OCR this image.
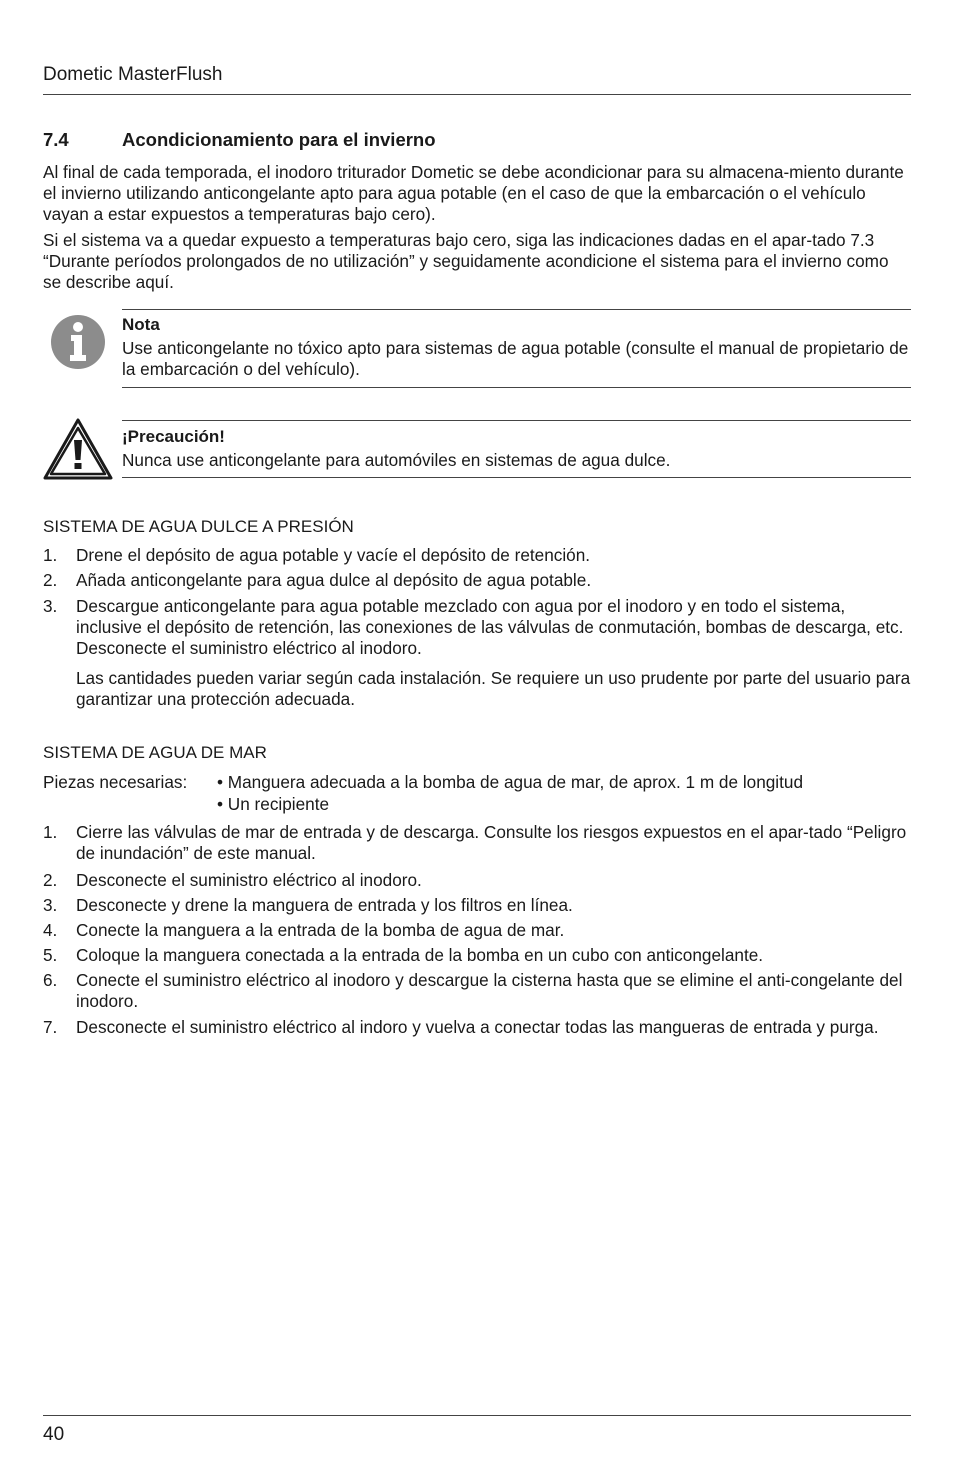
Dometic MasterFlush
7.4	Acondicionamiento para el invierno

Al final de cada temporada, el inodoro triturador Dometic se debe acondicionar para su almacena-miento durante el invierno utilizando anticongelante apto para agua potable (en el caso de que la embarcación o el vehículo vayan a estar expuestos a temperaturas bajo cero).

Si el sistema va a quedar expuesto a temperaturas bajo cero, siga las indicaciones dadas en el apar-tado 7.3 “Durante períodos prolongados de no utilización” y seguidamente acondicione el sistema para el invierno como se describe aquí.

Nota

Use anticongelante no tóxico apto para sistemas de agua potable (consulte el manual de propietario de la embarcación o del vehículo).

¡Precaución!

Nunca use anticongelante para automóviles en sistemas de agua dulce.

SISTEMA DE AGUA DULCE A PRESIÓN
1. Drene el depósito de agua potable y vacíe el depósito de retención.
2. Añada anticongelante para agua dulce al depósito de agua potable.
3. Descargue anticongelante para agua potable mezclado con agua por el inodoro y en todo el sistema, inclusive el depósito de retención, las conexiones de las válvulas de conmutación, bombas de descarga, etc. Desconecte el suministro eléctrico al inodoro.

Las cantidades pueden variar según cada instalación. Se requiere un uso prudente por parte del usuario para garantizar una protección adecuada.

SISTEMA DE AGUA DE MAR
Piezas necesarias: • Manguera adecuada a la bomba de agua de mar, de aprox. 1 m de longitud
• Un recipiente
1. Cierre las válvulas de mar de entrada y de descarga. Consulte los riesgos expuestos en el apar-tado “Peligro de inundación” de este manual.
2. Desconecte el suministro eléctrico al inodoro.
3. Desconecte y drene la manguera de entrada y los filtros en línea.
4. Conecte la manguera a la entrada de la bomba de agua de mar.
5. Coloque la manguera conectada a la entrada de la bomba en un cubo con anticongelante.
6. Conecte el suministro eléctrico al inodoro y descargue la cisterna hasta que se elimine el anti-congelante del inodoro.
7. Desconecte el suministro eléctrico al indoro y vuelva a conectar todas las mangueras de entrada y purga.
40
